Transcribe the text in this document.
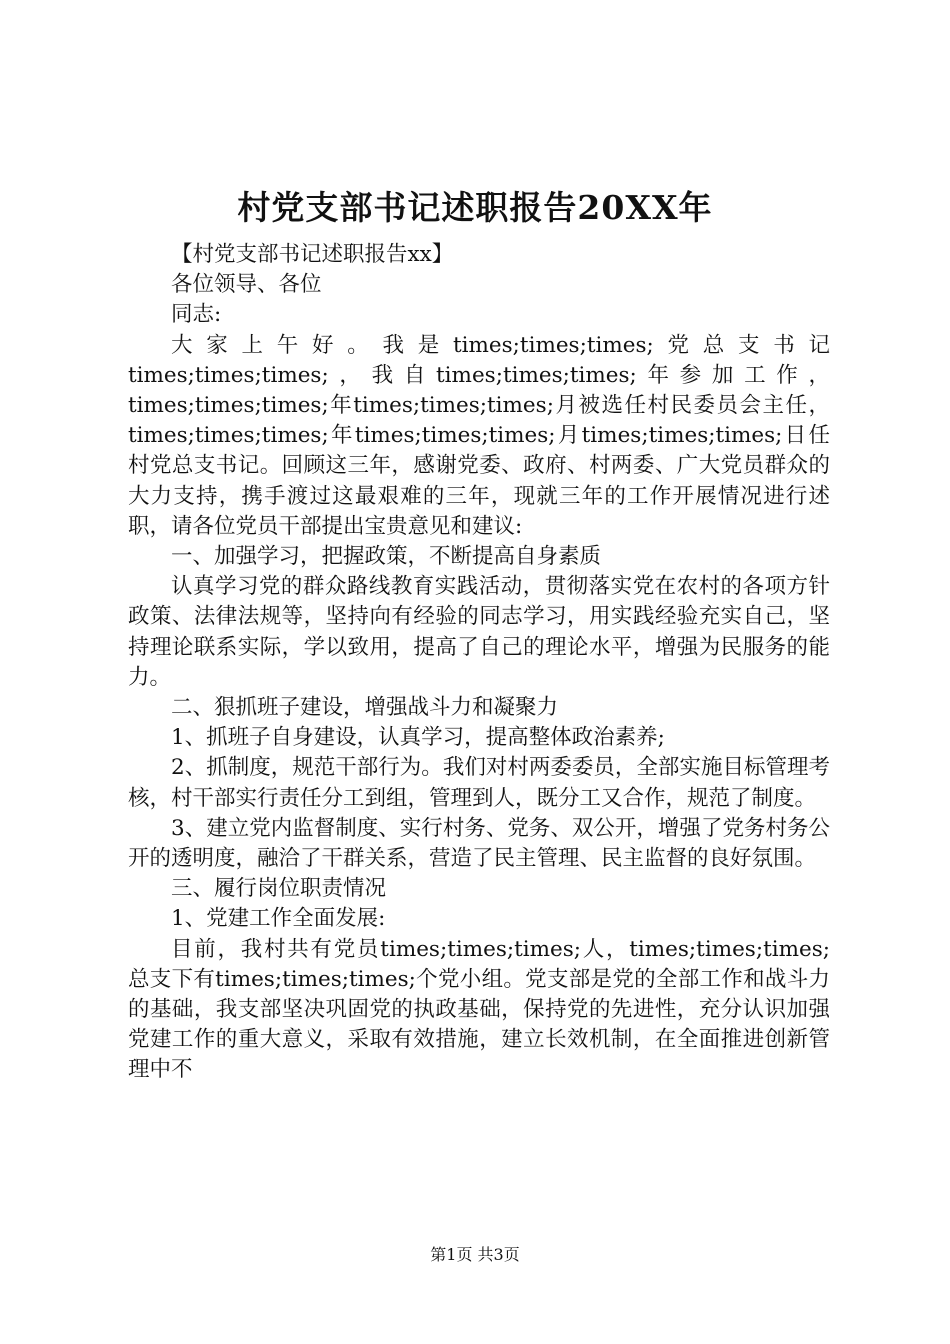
村党支部书记述职报告20XX年

【村党支部书记述职报告xx】

各位领导、各位

同志:

大家上午好。我是times;times;times;党总支书记times;times;times;，我自times;times;times;年参加工作，times;times;times;年times;times;times;月被选任村民委员会主任，times;times;times;年times;times;times;月times;times;times;日任村党总支书记。回顾这三年，感谢党委、政府、村两委、广大党员群众的大力支持，携手渡过这最艰难的三年，现就三年的工作开展情况进行述职，请各位党员干部提出宝贵意见和建议:

一、加强学习，把握政策，不断提高自身素质

认真学习党的群众路线教育实践活动，贯彻落实党在农村的各项方针政策、法律法规等，坚持向有经验的同志学习，用实践经验充实自己，坚持理论联系实际，学以致用，提高了自己的理论水平，增强为民服务的能力。

二、狠抓班子建设，增强战斗力和凝聚力

1、抓班子自身建设，认真学习，提高整体政治素养;

2、抓制度，规范干部行为。我们对村两委委员，全部实施目标管理考核，村干部实行责任分工到组，管理到人，既分工又合作，规范了制度。

3、建立党内监督制度、实行村务、党务、双公开，增强了党务村务公开的透明度，融洽了干群关系，营造了民主管理、民主监督的良好氛围。

三、履行岗位职责情况

1、党建工作全面发展:

目前，我村共有党员times;times;times;人，times;times;times;总支下有times;times;times;个党小组。党支部是党的全部工作和战斗力的基础，我支部坚决巩固党的执政基础，保持党的先进性，充分认识加强党建工作的重大意义，采取有效措施，建立长效机制，在全面推进创新管理中不

第1页 共3页
